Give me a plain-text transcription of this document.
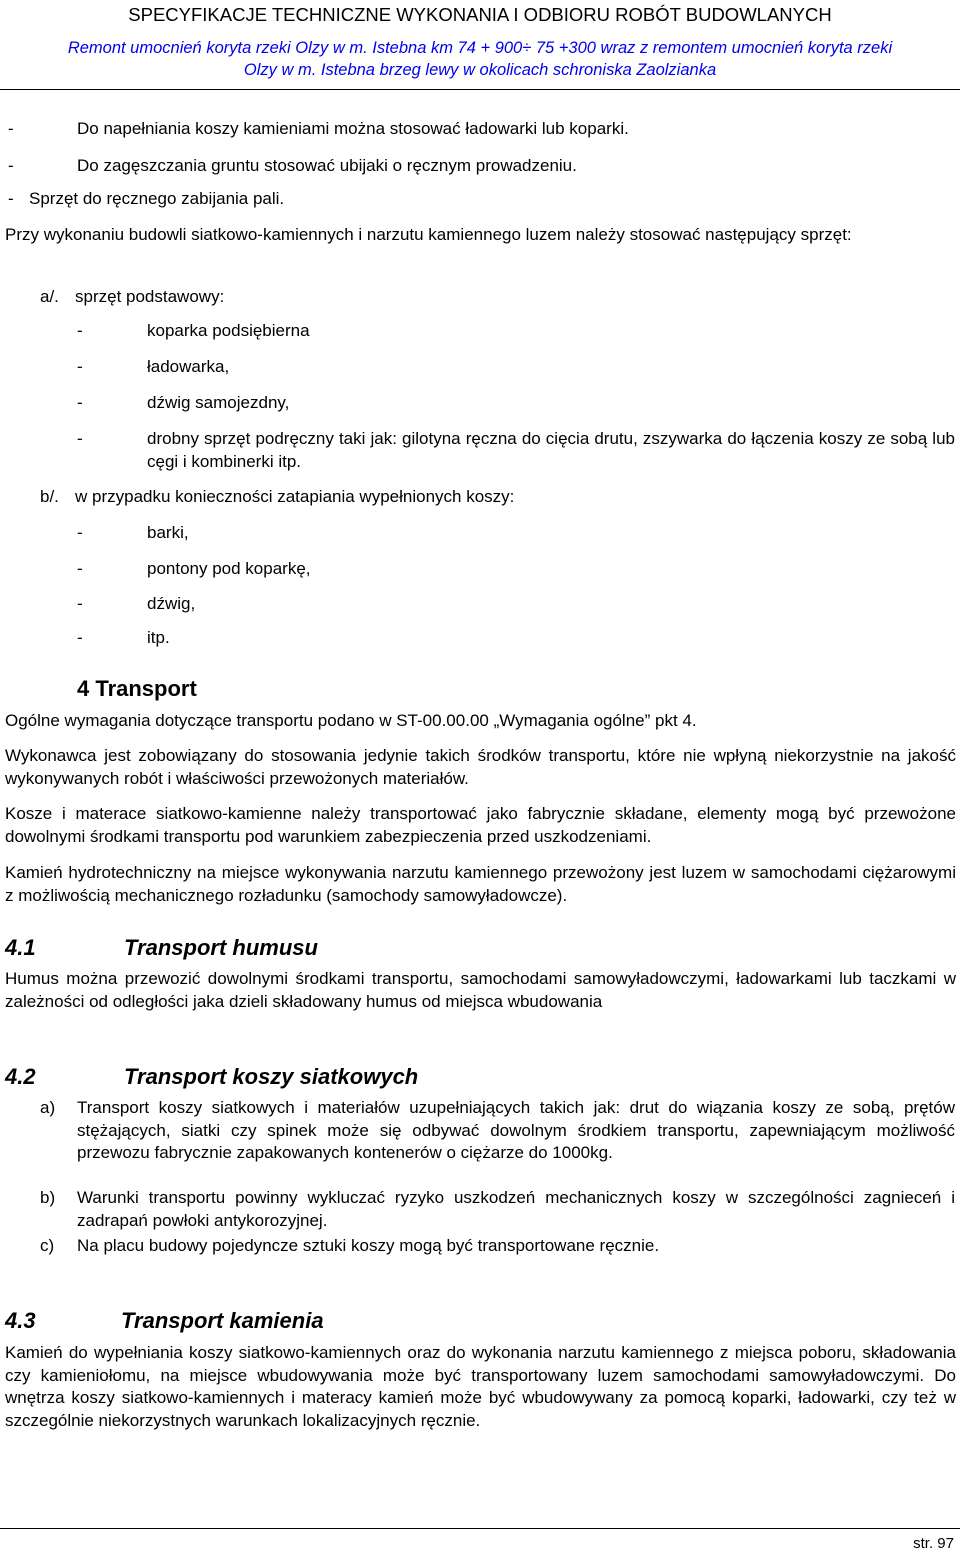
SPECYFIKACJE TECHNICZNE WYKONANIA I ODBIORU ROBÓT BUDOWLANYCH
Remont umocnień koryta rzeki Olzy w m. Istebna km 74 + 900÷ 75 +300 wraz z remontem umocnień koryta rzeki
Olzy w m. Istebna brzeg lewy w okolicach schroniska Zaolzianka
-	Do napełniania koszy kamieniami można stosować ładowarki lub koparki.
-	Do zagęszczania gruntu stosować ubijaki o ręcznym prowadzeniu.
- Sprzęt do ręcznego zabijania pali.
Przy wykonaniu budowli siatkowo-kamiennych i narzutu kamiennego luzem należy stosować następujący sprzęt:
a/. sprzęt podstawowy:
-	koparka podsiębierna
-	ładowarka,
-	dźwig samojezdny,
-	drobny sprzęt podręczny taki jak: gilotyna ręczna do cięcia drutu, zszywarka do łączenia koszy ze sobą lub cęgi i kombinerki itp.
b/. w przypadku konieczności zatapiania wypełnionych koszy:
-	barki,
-	pontony pod koparkę,
-	dźwig,
-	itp.
4 Transport
Ogólne wymagania dotyczące transportu podano w ST-00.00.00 „Wymagania ogólne” pkt 4.
Wykonawca jest zobowiązany do stosowania jedynie takich środków transportu, które nie wpłyną niekorzystnie na jakość wykonywanych robót i właściwości przewożonych materiałów.
Kosze i materace siatkowo-kamienne należy transportować jako fabrycznie składane, elementy mogą być przewożone dowolnymi środkami transportu pod warunkiem zabezpieczenia przed uszkodzeniami.
Kamień hydrotechniczny na miejsce wykonywania narzutu kamiennego przewożony jest luzem w samochodami ciężarowymi z możliwością mechanicznego rozładunku (samochody samowyładowcze).
4.1	Transport humusu
Humus można przewozić dowolnymi środkami transportu, samochodami samowyładowczymi, ładowarkami lub taczkami w zależności od odległości jaka dzieli składowany humus od miejsca wbudowania
4.2	Transport koszy siatkowych
a) Transport koszy siatkowych i materiałów uzupełniających takich jak: drut do wiązania koszy ze sobą, prętów stężających, siatki czy spinek może się odbywać dowolnym środkiem transportu, zapewniającym możliwość przewozu fabrycznie zapakowanych kontenerów o ciężarze do 1000kg.
b) Warunki transportu powinny wykluczać ryzyko uszkodzeń mechanicznych koszy w szczególności zagnieceń i zadrapań powłoki antykorozyjnej.
c) Na placu budowy pojedyncze sztuki koszy mogą być transportowane ręcznie.
4.3	Transport kamienia
Kamień do wypełniania koszy siatkowo-kamiennych oraz do wykonania narzutu kamiennego z miejsca poboru, składowania czy kamieniołomu, na miejsce wbudowywania może być transportowany luzem samochodami samowyładowczymi. Do wnętrza koszy siatkowo-kamiennych i materacy kamień może być wbudowywany za pomocą koparki, ładowarki, czy też w szczególnie niekorzystnych warunkach lokalizacyjnych ręcznie.
str. 97
